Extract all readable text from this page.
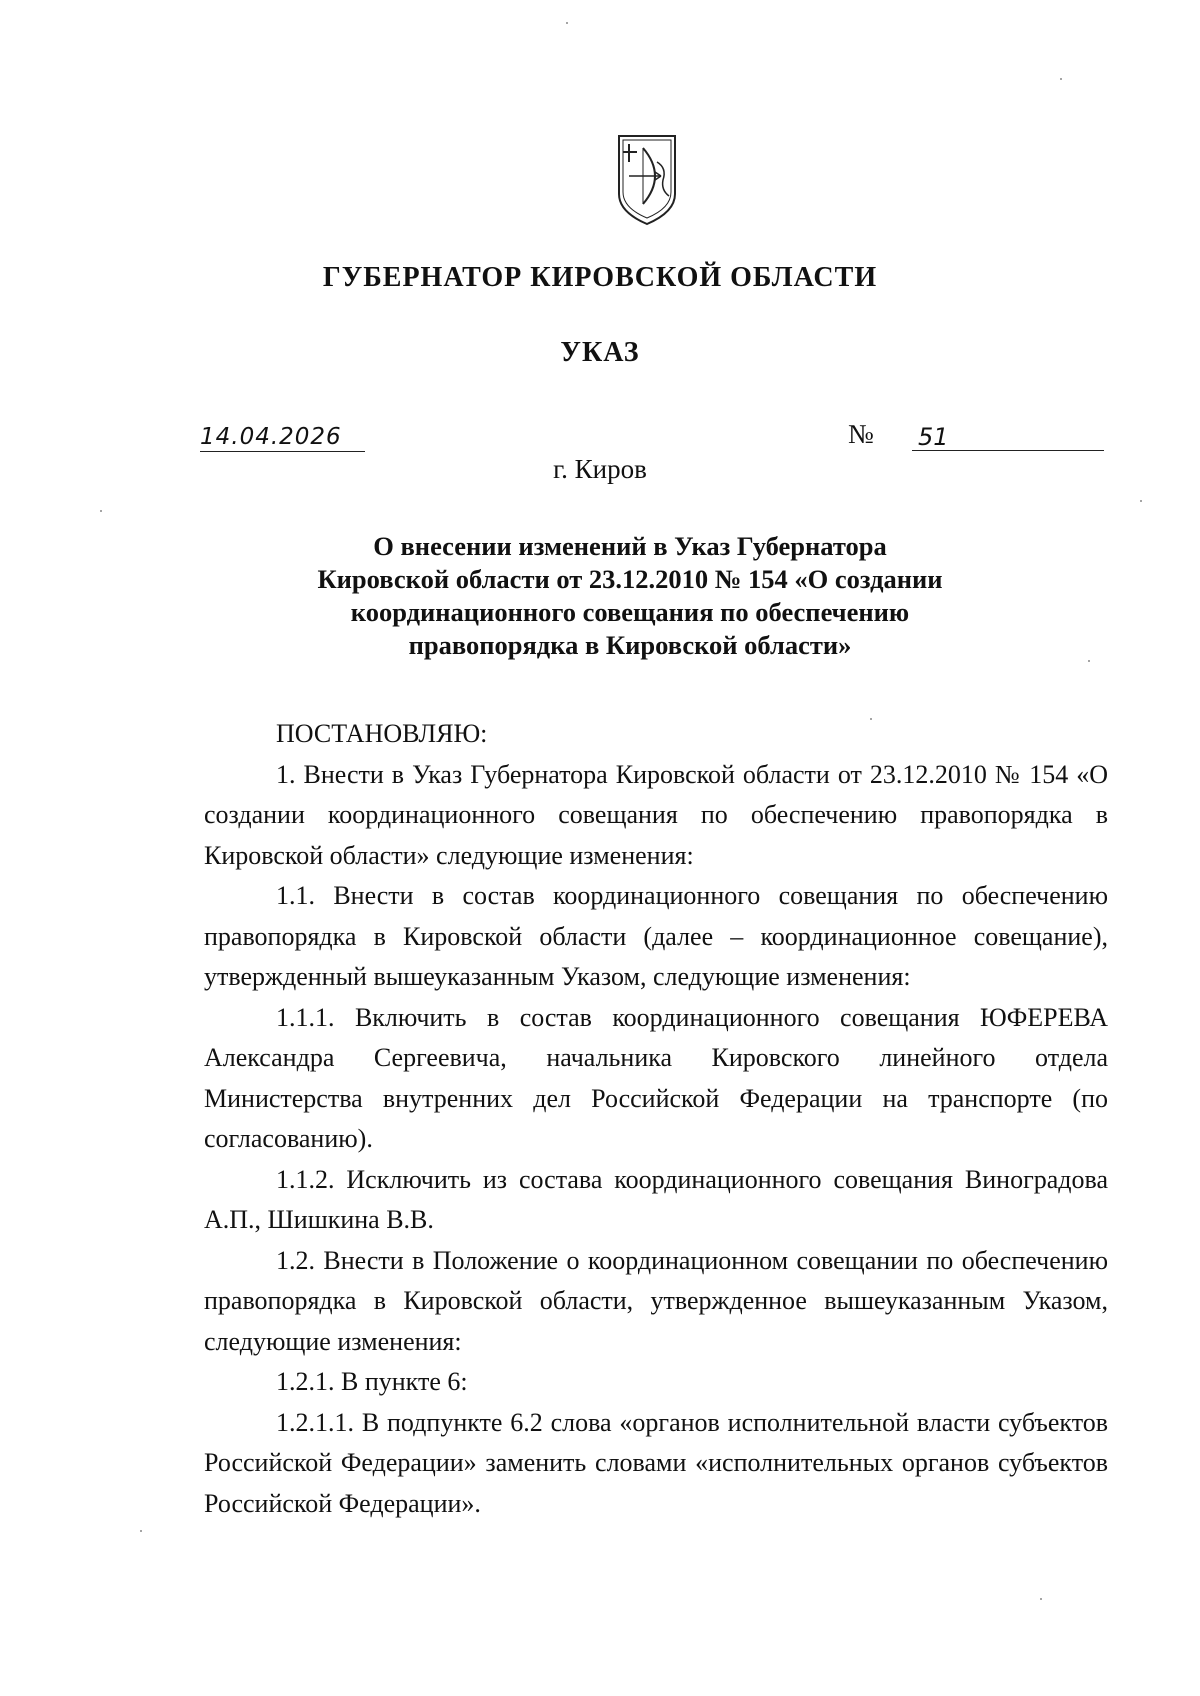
ГУБЕРНАТОР КИРОВСКОЙ ОБЛАСТИ
УКАЗ
14.04.2026	№ 51
г. Киров
О внесении изменений в Указ Губернатора
Кировской области от 23.12.2010 № 154 «О создании
координационного совещания по обеспечению
правопорядка в Кировской области»

ПОСТАНОВЛЯЮ:

1. Внести в Указ Губернатора Кировской области от 23.12.2010 № 154 «О создании координационного совещания по обеспечению правопорядка в Кировской области» следующие изменения:

1.1. Внести в состав координационного совещания по обеспечению правопорядка в Кировской области (далее – координационное совещание), утвержденный вышеуказанным Указом, следующие изменения:

1.1.1. Включить в состав координационного совещания ЮФЕРЕВА Александра Сергеевича, начальника Кировского линейного отдела Министерства внутренних дел Российской Федерации на транспорте (по согласованию).

1.1.2. Исключить из состава координационного совещания Виноградова А.П., Шишкина В.В.

1.2. Внести в Положение о координационном совещании по обеспечению правопорядка в Кировской области, утвержденное вышеуказанным Указом, следующие изменения:

1.2.1. В пункте 6:

1.2.1.1. В подпункте 6.2 слова «органов исполнительной власти субъектов Российской Федерации» заменить словами «исполнительных органов субъектов Российской Федерации».
